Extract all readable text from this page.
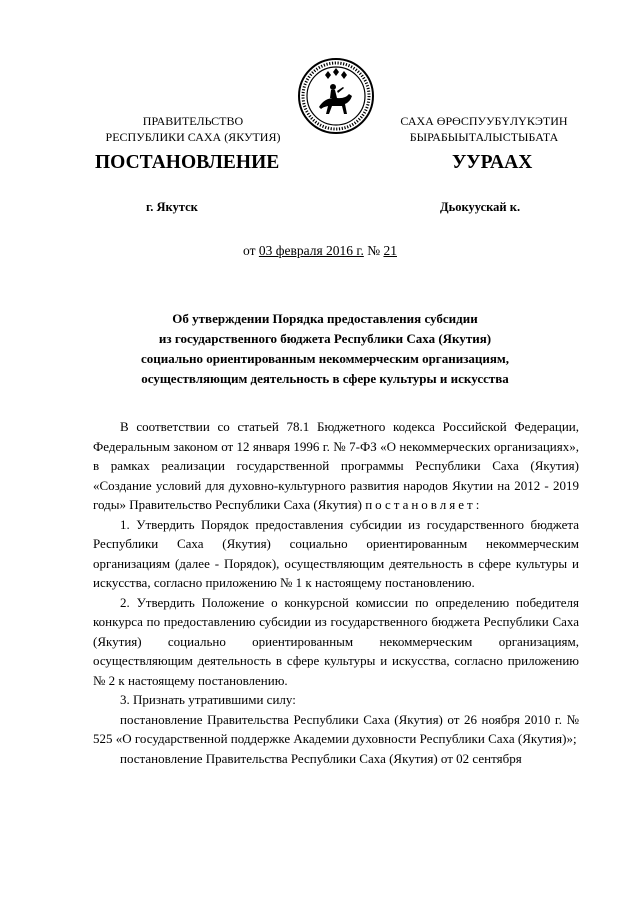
ПРАВИТЕЛЬСТВО
РЕСПУБЛИКИ САХА (ЯКУТИЯ)
САХА ӨРӨСПУУБҮЛҮКЭТИН
БЫРАБЫЫТАЛЫСТЫБАТА
ПОСТАНОВЛЕНИЕ	УУРААХ
г. Якутск	Дьокуускай к.
от 03 февраля 2016 г. № 21
Об утверждении Порядка предоставления субсидии
из государственного бюджета Республики Саха (Якутия)
социально ориентированным некоммерческим организациям,
осуществляющим деятельность в сфере культуры и искусства

В соответствии со статьей 78.1 Бюджетного кодекса Российской Федерации, Федеральным законом от 12 января 1996 г. № 7-ФЗ «О некоммерческих организациях», в рамках реализации государственной программы Республики Саха (Якутия) «Создание условий для духовно-культурного развития народов Якутии на 2012 - 2019 годы» Правительство Республики Саха (Якутия) постановляет:

1. Утвердить Порядок предоставления субсидии из государственного бюджета Республики Саха (Якутия) социально ориентированным некоммерческим организациям (далее - Порядок), осуществляющим деятельность в сфере культуры и искусства, согласно приложению № 1 к настоящему постановлению.

2. Утвердить Положение о конкурсной комиссии по определению победителя конкурса по предоставлению субсидии из государственного бюджета Республики Саха (Якутия) социально ориентированным некоммерческим организациям, осуществляющим деятельность в сфере культуры и искусства, согласно приложению № 2 к настоящему постановлению.

3. Признать утратившими силу:

постановление Правительства Республики Саха (Якутия) от 26 ноября 2010 г. № 525 «О государственной поддержке Академии духовности Республики Саха (Якутия)»;

постановление Правительства Республики Саха (Якутия) от 02 сентября
